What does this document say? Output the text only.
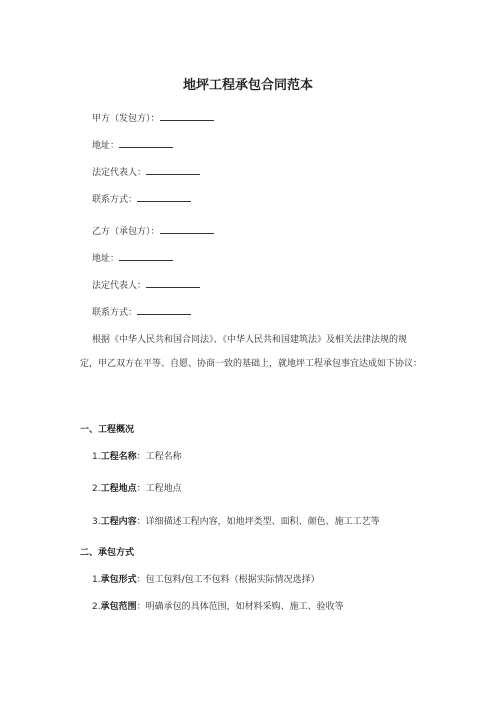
地坪工程承包合同范本
甲方（发包方）：
地址：
法定代表人：
联系方式：
乙方（承包方）：
地址：
法定代表人：
联系方式：
根据《中华人民共和国合同法》、《中华人民共和国建筑法》及相关法律法规的规定，甲乙双方在平等、自愿、协商一致的基础上，就地坪工程承包事宜达成如下协议：
一、工程概况
1.工程名称：工程名称
2.工程地点：工程地点
3.工程内容：详细描述工程内容，如地坪类型、面积、颜色、施工工艺等
二、承包方式
1.承包形式：包工包料/包工不包料（根据实际情况选择）
2.承包范围：明确承包的具体范围，如材料采购、施工、验收等
